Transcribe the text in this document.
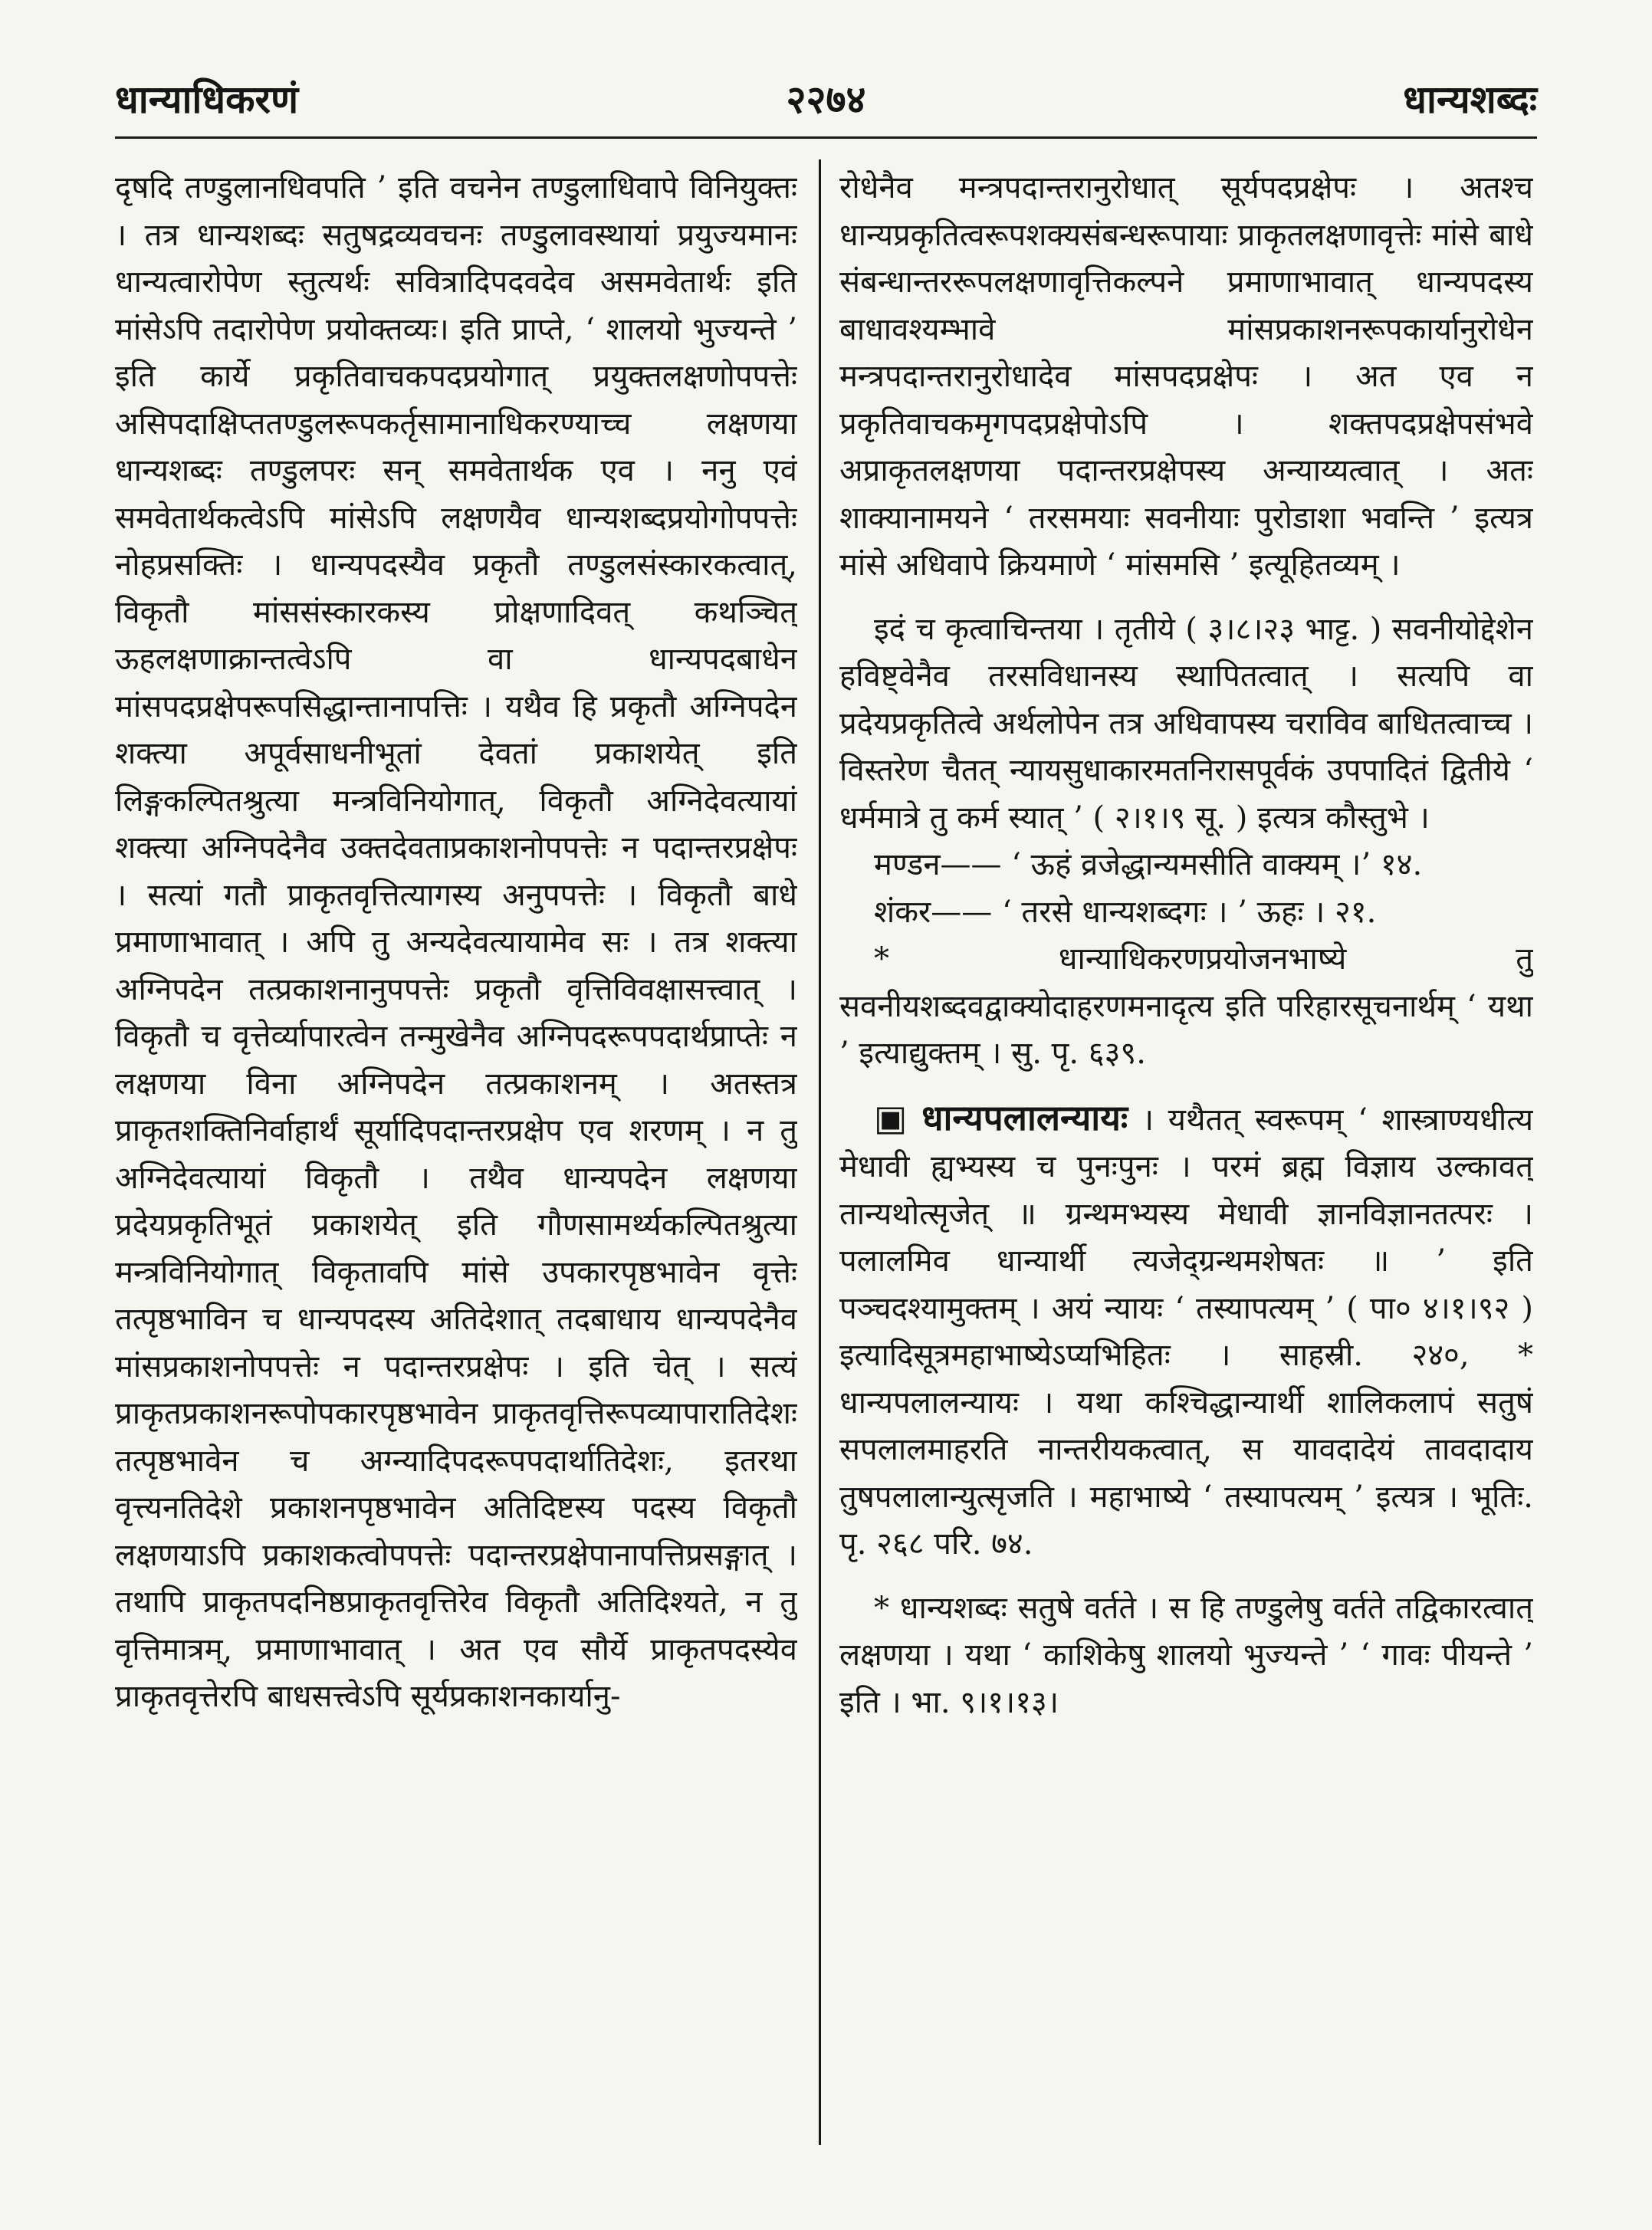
धान्याधिकरणं	२२७४	धान्यशब्दः

दृषदि तण्डुलानधिवपति ’ इति वचनेन तण्डुलाधिवापे विनियुक्तः । तत्र धान्यशब्दः सतुषद्रव्यवचनः तण्डुलावस्थायां प्रयुज्यमानः धान्यत्वारोपेण स्तुत्यर्थः सवित्रादिपदवदेव असमवेतार्थः इति मांसेऽपि तदारोपेण प्रयोक्तव्यः। इति प्राप्ते, ‘ शालयो भुज्यन्ते ’ इति कार्ये प्रकृतिवाचकपदप्रयोगात् प्रयुक्तलक्षणोपपत्तेः असिपदाक्षिप्ततण्डुलरूपकर्तृसामानाधिकरण्याच्च लक्षणया धान्यशब्दः तण्डुलपरः सन् समवेतार्थक एव । ननु एवं समवेतार्थकत्वेऽपि मांसेऽपि लक्षणयैव धान्यशब्दप्रयोगोपपत्तेः नोहप्रसक्तिः । धान्यपदस्यैव प्रकृतौ तण्डुलसंस्कारकत्वात्, विकृतौ मांससंस्कारकस्य प्रोक्षणादिवत् कथञ्चित् ऊहलक्षणाक्रान्तत्वेऽपि वा धान्यपदबाधेन मांसपदप्रक्षेपरूपसिद्धान्तानापत्तिः । यथैव हि प्रकृतौ अग्निपदेन शक्त्या अपूर्वसाधनीभूतां देवतां प्रकाशयेत् इति लिङ्गकल्पितश्रुत्या मन्त्रविनियोगात्, विकृतौ अग्निदेवत्यायां शक्त्या अग्निपदेनैव उक्तदेवताप्रकाशनोपपत्तेः न पदान्तरप्रक्षेपः । सत्यां गतौ प्राकृतवृत्तित्यागस्य अनुपपत्तेः । विकृतौ बाधे प्रमाणाभावात् । अपि तु अन्यदेवत्यायामेव सः । तत्र शक्त्या अग्निपदेन तत्प्रकाशनानुपपत्तेः प्रकृतौ वृत्तिविवक्षासत्त्वात् । विकृतौ च वृत्तेर्व्यापारत्वेन तन्मुखेनैव अग्निपदरूपपदार्थप्राप्तेः न लक्षणया विना अग्निपदेन तत्प्रकाशनम् । अतस्तत्र प्राकृतशक्तिनिर्वाहार्थं सूर्यादिपदान्तरप्रक्षेप एव शरणम् । न तु अग्निदेवत्यायां विकृतौ । तथैव धान्यपदेन लक्षणया प्रदेयप्रकृतिभूतं प्रकाशयेत् इति गौणसामर्थ्यकल्पितश्रुत्या मन्त्रविनियोगात् विकृतावपि मांसे उपकारपृष्ठभावेन वृत्तेः तत्पृष्ठभाविन च धान्यपदस्य अतिदेशात् तदबाधाय धान्यपदेनैव मांसप्रकाशनोपपत्तेः न पदान्तरप्रक्षेपः । इति चेत् । सत्यं प्राकृतप्रकाशनरूपोपकारपृष्ठभावेन प्राकृतवृत्तिरूपव्यापारातिदेशः तत्पृष्ठभावेन च अग्न्यादिपदरूपपदार्थातिदेशः, इतरथा वृत्त्यनतिदेशे प्रकाशनपृष्ठभावेन अतिदिष्टस्य पदस्य विकृतौ लक्षणयाऽपि प्रकाशकत्वोपपत्तेः पदान्तरप्रक्षेपानापत्तिप्रसङ्गात् । तथापि प्राकृतपदनिष्ठप्राकृतवृत्तिरेव विकृतौ अतिदिश्यते, न तु वृत्तिमात्रम्, प्रमाणाभावात् । अत एव सौर्ये प्राकृतपदस्येव प्राकृतवृत्तेरपि बाधसत्त्वेऽपि सूर्यप्रकाशनकार्यानु-

रोधेनैव मन्त्रपदान्तरानुरोधात् सूर्यपदप्रक्षेपः । अतश्च धान्यप्रकृतित्वरूपशक्यसंबन्धरूपायाः प्राकृतलक्षणावृत्तेः मांसे बाधे संबन्धान्तररूपलक्षणावृत्तिकल्पने प्रमाणाभावात् धान्यपदस्य बाधावश्यम्भावे मांसप्रकाशनरूपकार्यानुरोधेन मन्त्रपदान्तरानुरोधादेव मांसपदप्रक्षेपः । अत एव न प्रकृतिवाचकमृगपदप्रक्षेपोऽपि । शक्तपदप्रक्षेपसंभवे अप्राकृतलक्षणया पदान्तरप्रक्षेपस्य अन्याय्यत्वात् । अतः शाक्यानामयने ‘ तरसमयाः सवनीयाः पुरोडाशा भवन्ति ’ इत्यत्र मांसे अधिवापे क्रियमाणे ‘ मांसमसि ’ इत्यूहितव्यम् ।

इदं च कृत्वाचिन्तया । तृतीये ( ३।८।२३ भाट्ट. ) सवनीयोद्देशेन हविष्ट्वेनैव तरसविधानस्य स्थापितत्वात् । सत्यपि वा प्रदेयप्रकृतित्वे अर्थलोपेन तत्र अधिवापस्य चराविव बाधितत्वाच्च । विस्तरेण चैतत् न्यायसुधाकारमतनिरासपूर्वकं उपपादितं द्वितीये ‘ धर्ममात्रे तु कर्म स्यात् ’ ( २।१।९ सू. ) इत्यत्र कौस्तुभे ।

मण्डन—— ‘ ऊहं व्रजेद्धान्यमसीति वाक्यम् ।’ १४.

शंकर—— ‘ तरसे धान्यशब्दगः । ’ ऊहः । २१.

* धान्याधिकरणप्रयोजनभाष्ये तु सवनीयशब्दवद्वाक्योदाहरणमनादृत्य इति परिहारसूचनार्थम् ‘ यथा ’ इत्याद्युक्तम् । सु. पृ. ६३९.

▣ धान्यपलालन्यायः । यथैतत् स्वरूपम् ‘ शास्त्राण्यधीत्य मेधावी ह्यभ्यस्य च पुनःपुनः । परमं ब्रह्म विज्ञाय उल्कावत् तान्यथोत्सृजेत् ॥ ग्रन्थमभ्यस्य मेधावी ज्ञानविज्ञानतत्परः । पलालमिव धान्यार्थी त्यजेद्ग्रन्थमशेषतः ॥ ’ इति पञ्चदश्यामुक्तम् । अयं न्यायः ‘ तस्यापत्यम् ’ ( पा० ४।१।९२ ) इत्यादिसूत्रमहाभाष्येऽप्यभिहितः । साहस्री. २४०, * धान्यपलालन्यायः । यथा कश्चिद्धान्यार्थी शालिकलापं सतुषं सपलालमाहरति नान्तरीयकत्वात्, स यावदादेयं तावदादाय तुषपलालान्युत्सृजति । महाभाष्ये ‘ तस्यापत्यम् ’ इत्यत्र । भूतिः. पृ. २६८ परि. ७४.

* धान्यशब्दः सतुषे वर्तते । स हि तण्डुलेषु वर्तते तद्विकारत्वात् लक्षणया । यथा ‘ काशिकेषु शालयो भुज्यन्ते ’ ‘ गावः पीयन्ते ’ इति । भा. ९।१।१३।
